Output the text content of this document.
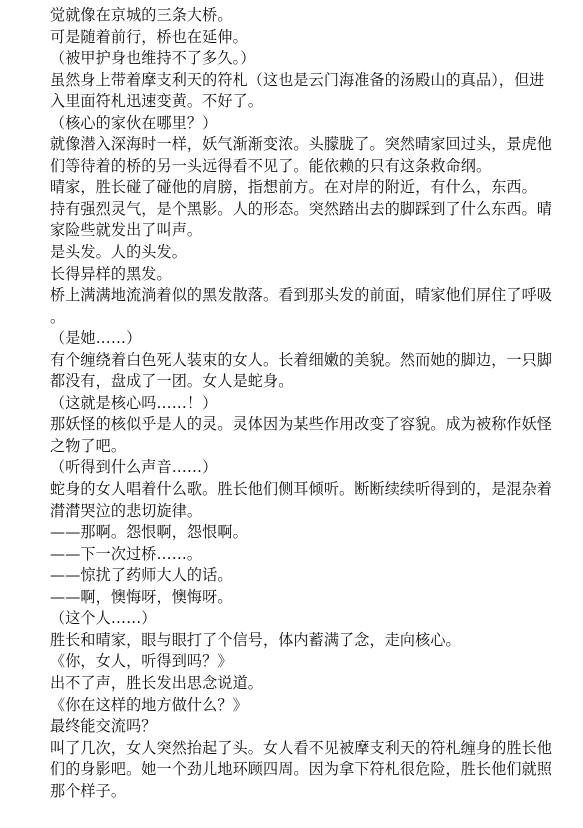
觉就像在京城的三条大桥。

可是随着前行，桥也在延伸。

（被甲护身也维持不了多久。）

虽然身上带着摩支利天的符札（这也是云门海准备的汤殿山的真品），但进入里面符札迅速变黄。不好了。

（核心的家伙在哪里？）

就像潜入深海时一样，妖气渐渐变浓。头朦胧了。突然晴家回过头，景虎他们等待着的桥的另一头远得看不见了。能依赖的只有这条救命纲。

晴家，胜长碰了碰他的肩膀，指想前方。在对岸的附近，有什么，东西。

持有强烈灵气，是个黑影。人的形态。突然踏出去的脚踩到了什么东西。晴家险些就发出了叫声。

是头发。人的头发。

长得异样的黑发。

桥上满满地流淌着似的黑发散落。看到那头发的前面，晴家他们屏住了呼吸。

（是她……）

有个缠绕着白色死人装束的女人。长着细嫩的美貌。然而她的脚边，一只脚都没有，盘成了一团。女人是蛇身。

（这就是核心吗……！）

那妖怪的核似乎是人的灵。灵体因为某些作用改变了容貌。成为被称作妖怪之物了吧。

（听得到什么声音……）

蛇身的女人唱着什么歌。胜长他们侧耳倾听。断断续续听得到的，是混杂着潸潸哭泣的悲切旋律。

——那啊。怨恨啊，怨恨啊。

——下一次过桥……。

——惊扰了药师大人的话。

——啊，懊悔呀，懊悔呀。

（这个人……）

胜长和晴家，眼与眼打了个信号，体内蓄满了念，走向核心。

《你，女人，听得到吗？》

出不了声，胜长发出思念说道。

《你在这样的地方做什么？》

最终能交流吗？

叫了几次，女人突然抬起了头。女人看不见被摩支利天的符札缠身的胜长他们的身影吧。她一个劲儿地环顾四周。因为拿下符札很危险，胜长他们就照那个样子。
